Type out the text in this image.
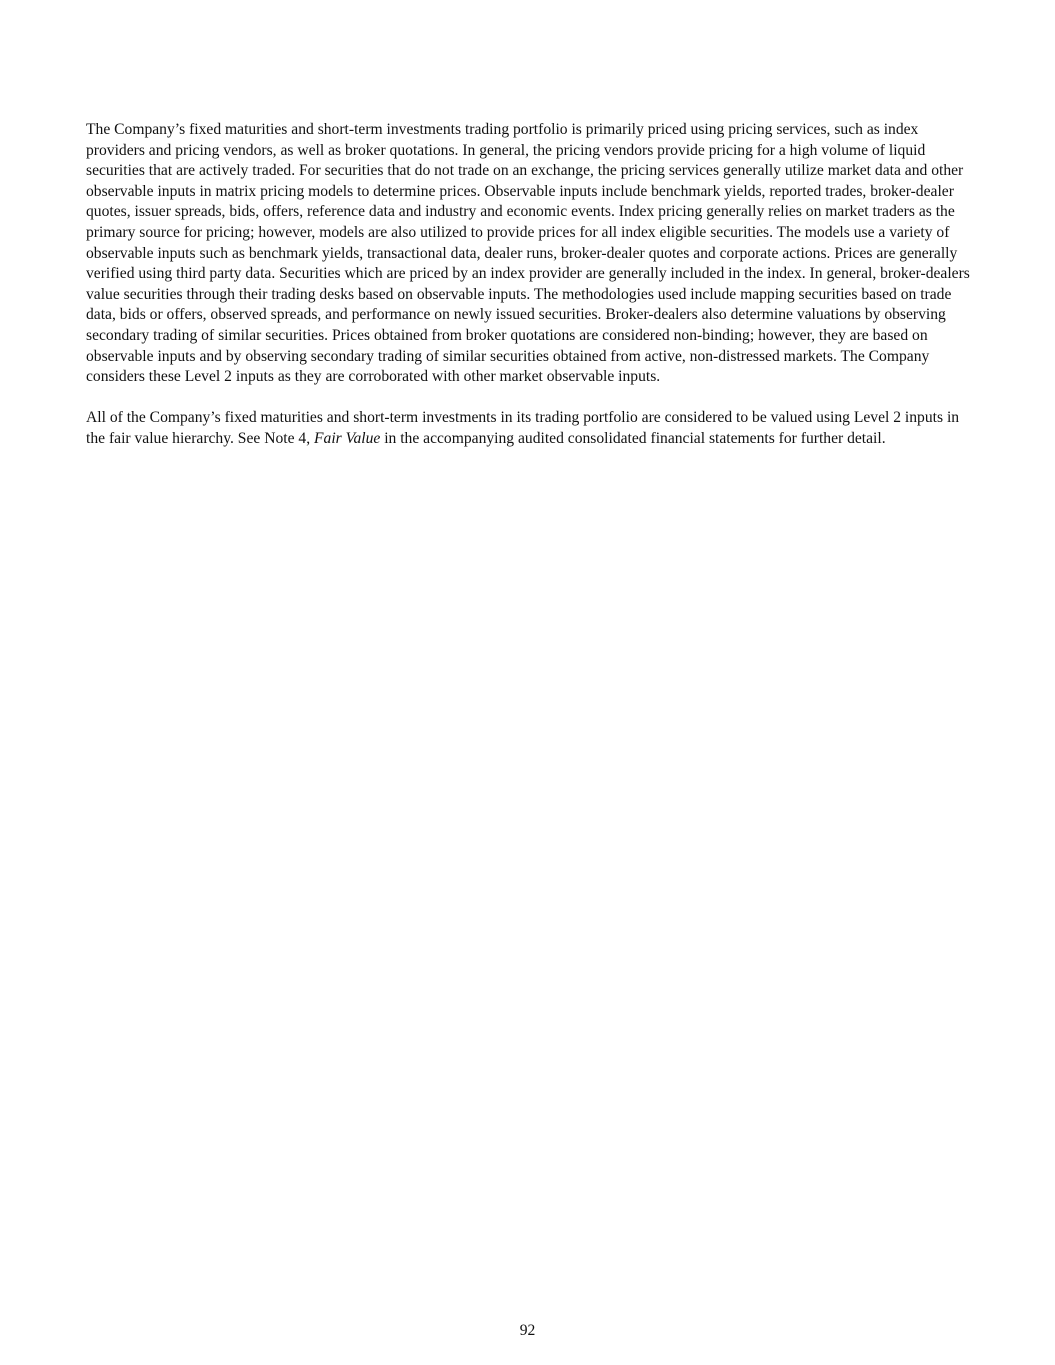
The Company’s fixed maturities and short-term investments trading portfolio is primarily priced using pricing services, such as index providers and pricing vendors, as well as broker quotations. In general, the pricing vendors provide pricing for a high volume of liquid securities that are actively traded. For securities that do not trade on an exchange, the pricing services generally utilize market data and other observable inputs in matrix pricing models to determine prices. Observable inputs include benchmark yields, reported trades, broker-dealer quotes, issuer spreads, bids, offers, reference data and industry and economic events. Index pricing generally relies on market traders as the primary source for pricing; however, models are also utilized to provide prices for all index eligible securities. The models use a variety of observable inputs such as benchmark yields, transactional data, dealer runs, broker-dealer quotes and corporate actions. Prices are generally verified using third party data. Securities which are priced by an index provider are generally included in the index. In general, broker-dealers value securities through their trading desks based on observable inputs. The methodologies used include mapping securities based on trade data, bids or offers, observed spreads, and performance on newly issued securities. Broker-dealers also determine valuations by observing secondary trading of similar securities. Prices obtained from broker quotations are considered non-binding; however, they are based on observable inputs and by observing secondary trading of similar securities obtained from active, non-distressed markets. The Company considers these Level 2 inputs as they are corroborated with other market observable inputs.

All of the Company’s fixed maturities and short-term investments in its trading portfolio are considered to be valued using Level 2 inputs in the fair value hierarchy. See Note 4, Fair Value in the accompanying audited consolidated financial statements for further detail.

92
